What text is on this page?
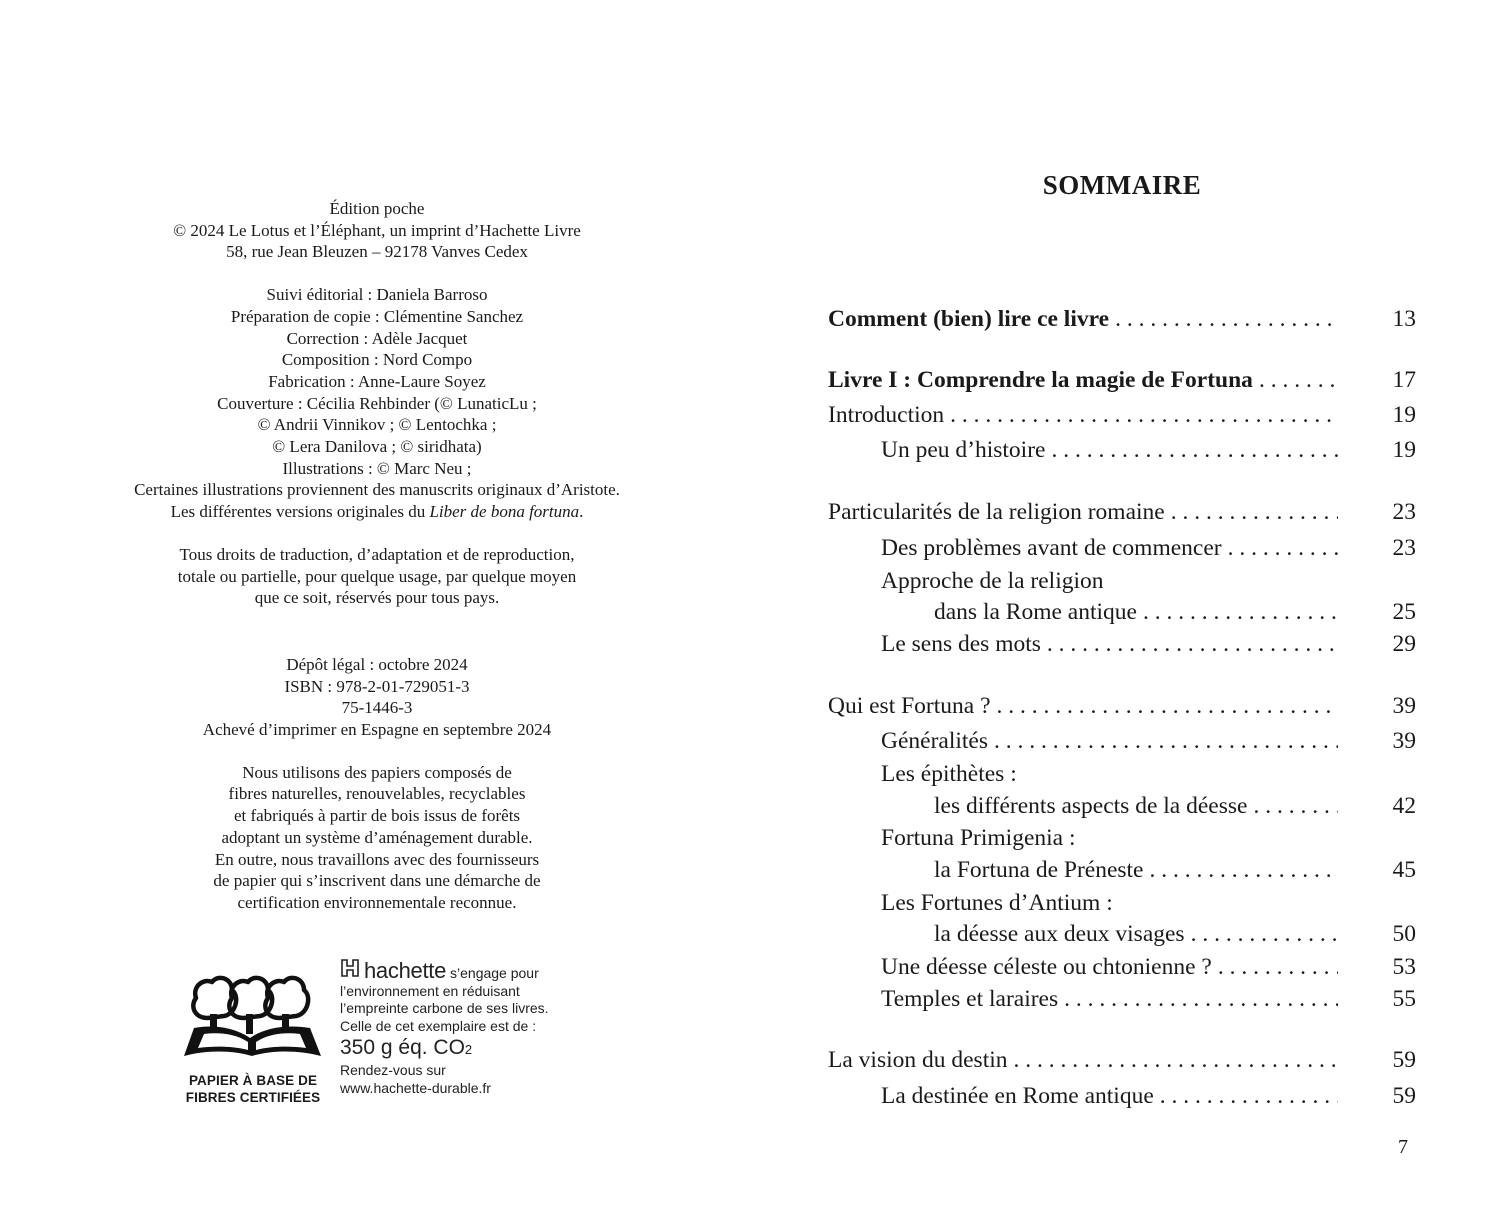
Édition poche
© 2024 Le Lotus et l’Éléphant, un imprint d’Hachette Livre
58, rue Jean Bleuzen – 92178 Vanves Cedex
Suivi éditorial : Daniela Barroso
Préparation de copie : Clémentine Sanchez
Correction : Adèle Jacquet
Composition : Nord Compo
Fabrication : Anne-Laure Soyez
Couverture : Cécilia Rehbinder (© LunaticLu ;
© Andrii Vinnikov ; © Lentochka ;
© Lera Danilova ; © siridhata)
Illustrations : © Marc Neu ;
Certaines illustrations proviennent des manuscrits originaux d’Aristote.
Les différentes versions originales du Liber de bona fortuna.
Tous droits de traduction, d’adaptation et de reproduction,
totale ou partielle, pour quelque usage, par quelque moyen
que ce soit, réservés pour tous pays.
Dépôt légal : octobre 2024
ISBN : 978-2-01-729051-3
75-1446-3
Achevé d’imprimer en Espagne en septembre 2024
Nous utilisons des papiers composés de
fibres naturelles, renouvelables, recyclables
et fabriqués à partir de bois issus de forêts
adoptant un système d’aménagement durable.
En outre, nous travaillons avec des fournisseurs
de papier qui s’inscrivent dans une démarche de
certification environnementale reconnue.
PAPIER À BASE DE
FIBRES CERTIFIÉES
hachette s’engage pour
l’environnement en réduisant
l’empreinte carbone de ses livres.
Celle de cet exemplaire est de :
350 g éq. CO2
Rendez-vous sur
www.hachette-durable.fr
SOMMAIRE
Comment (bien) lire ce livre . . .	13
Livre I : Comprendre la magie de Fortuna . . .	17
Introduction . . .	19
Un peu d’histoire . . .	19
Particularités de la religion romaine . . .	23
Des problèmes avant de commencer . . .	23
Approche de la religion
dans la Rome antique . . .	25
Le sens des mots . . .	29
Qui est Fortuna ? . . .	39
Généralités . . .	39
Les épithètes :
les différents aspects de la déesse . . .	42
Fortuna Primigenia :
la Fortuna de Préneste . . .	45
Les Fortunes d’Antium :
la déesse aux deux visages . . .	50
Une déesse céleste ou chtonienne ? . . .	53
Temples et laraires . . .	55
La vision du destin . . .	59
La destinée en Rome antique . . .	59
7
